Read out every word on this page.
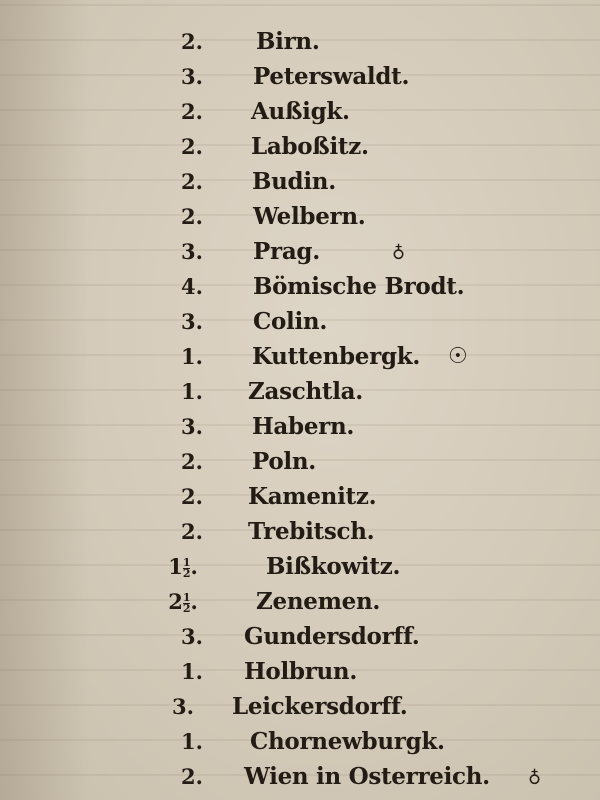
2.	Birn.
3.	Peterswaldt.
2.	Außigk.
2.	Laboßitz.
2.	Budin.
2.	Welbern.
3.	Prag.	♁
4.	Bömische Brodt.
3.	Colin.
1.	Kuttenbergk. ☉
1.	Zaschtla.
3.	Habern.
2.	Poln.
2.	Kamenitz.
2.	Trebitsch.
$1 \frac{1}{2}$ .	Bißkowitz.
$2 \frac{1}{2}$ .	Zenemen.
3.	Gundersdorff.
1.	Holbrun.
3.	Leickersdorff.
1.	Chornewburgk.
2.	Wien in Osterreich. ♁
